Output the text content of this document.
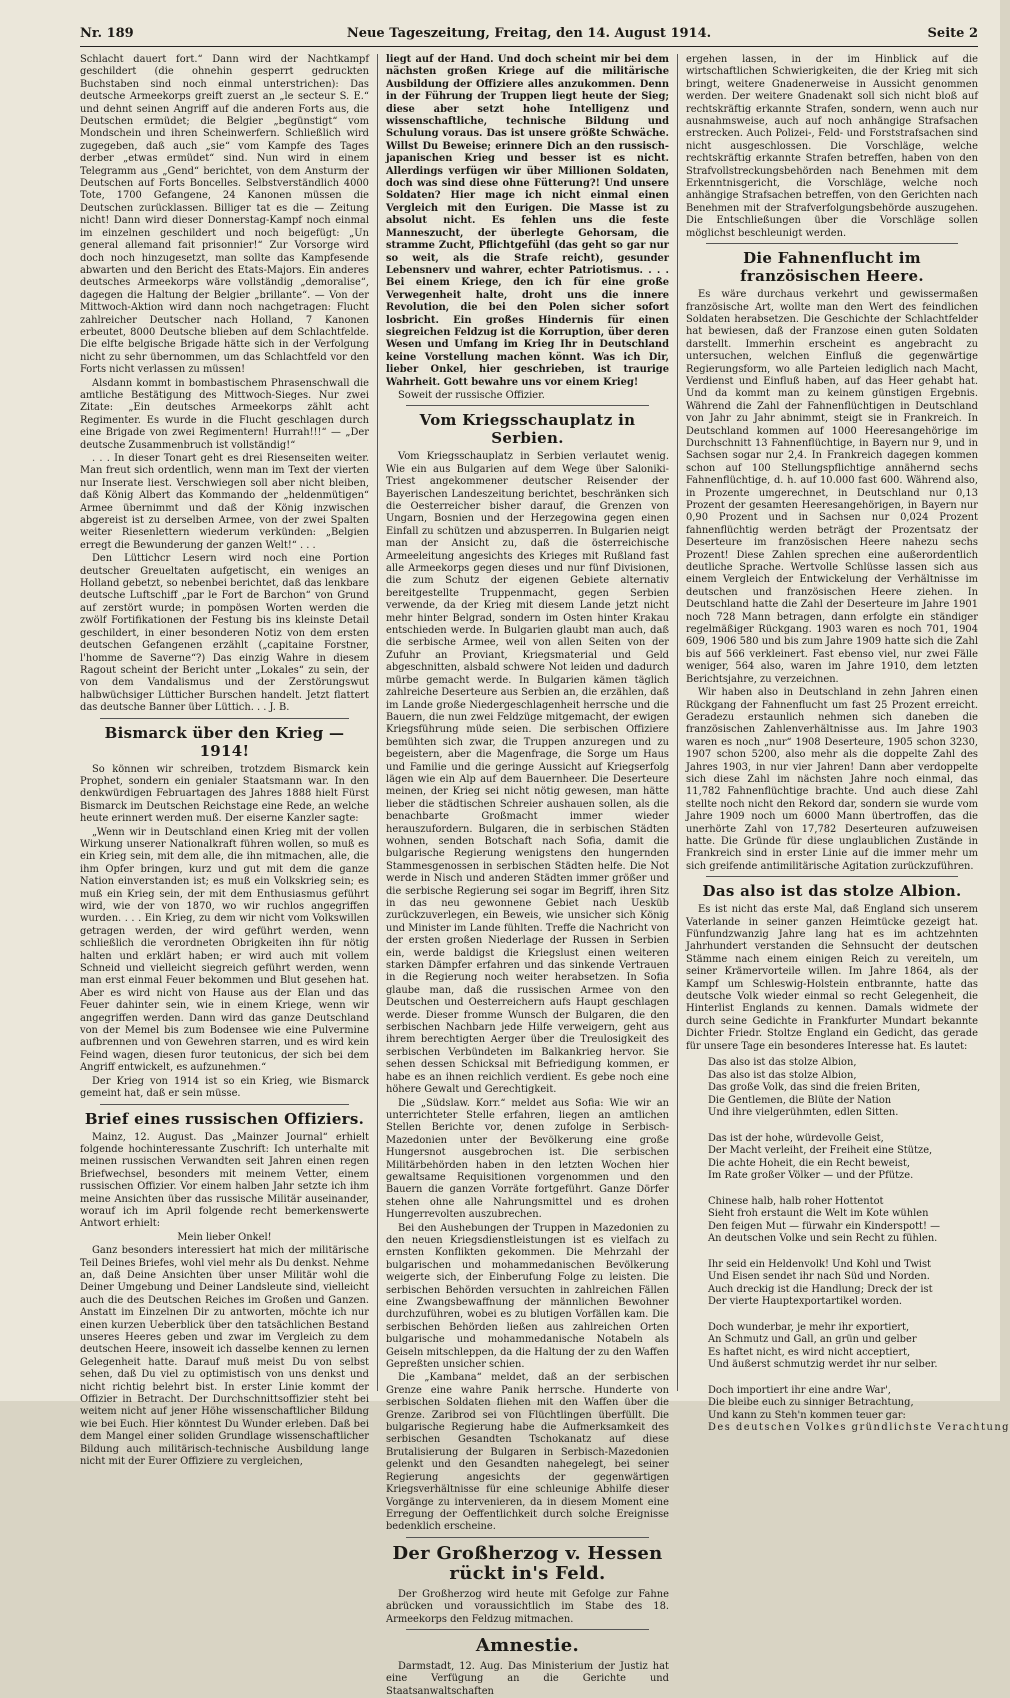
Nr. 189	Neue Tageszeitung, Freitag, den 14. August 1914.	Seite 2

Schlacht dauert fort.“ Dann wird der Nachtkampf geschildert (die ohnehin gesperrt gedruckten Buchstaben sind noch einmal unterstrichen): Das deutsche Armeekorps greift zuerst an „le secteur S. E.“ und dehnt seinen Angriff auf die anderen Forts aus, die Deutschen ermüdet; die Belgier „begünstigt“ vom Mondschein und ihren Scheinwerfern. Schließlich wird zugegeben, daß auch „sie“ vom Kampfe des Tages derber „etwas ermüdet“ sind. Nun wird in einem Telegramm aus „Gend“ berichtet, von dem Ansturm der Deutschen auf Forts Boncelles. Selbstverständlich 4000 Tote, 1700 Gefangene, 24 Kanonen müssen die Deutschen zurücklassen. Billiger tat es die — Zeitung nicht! Dann wird dieser Donnerstag-Kampf noch einmal im einzelnen geschildert und noch beigefügt: „Un general allemand fait prisonnier!“ Zur Vorsorge wird doch noch hinzugesetzt, man sollte das Kampfesende abwarten und den Bericht des Etats-Majors. Ein anderes deutsches Armeekorps wäre vollständig „demoralise“, dagegen die Haltung der Belgier „brillante“. — Von der Mittwoch-Aktion wird dann noch nachgetragen: Flucht zahlreicher Deutscher nach Holland, 7 Kanonen erbeutet, 8000 Deutsche blieben auf dem Schlachtfelde. Die elfte belgische Brigade hätte sich in der Verfolgung nicht zu sehr übernommen, um das Schlachtfeld vor den Forts nicht verlassen zu müssen!

Alsdann kommt in bombastischem Phrasenschwall die amtliche Bestätigung des Mittwoch-Sieges. Nur zwei Zitate: „Ein deutsches Armeekorps zählt acht Regimenter. Es wurde in die Flucht geschlagen durch eine Brigade von zwei Regimentern! Hurrah!!!“ — „Der deutsche Zusammenbruch ist vollständig!“

. . . In dieser Tonart geht es drei Riesenseiten weiter. Man freut sich ordentlich, wenn man im Text der vierten nur Inserate liest. Verschwiegen soll aber nicht bleiben, daß König Albert das Kommando der „heldenmütigen“ Armee übernimmt und daß der König inzwischen abgereist ist zu derselben Armee, von der zwei Spalten weiter Riesenlettern wiederum verkünden: „Belgien erregt die Bewunderung der ganzen Welt!“ . . .

Den Lüttichcr Lesern wird noch eine Portion deutscher Greueltaten aufgetischt, ein weniges an Holland gebetzt, so nebenbei berichtet, daß das lenkbare deutsche Luftschiff „par le Fort de Barchon“ von Grund auf zerstört wurde; in pompösen Worten werden die zwölf Fortifikationen der Festung bis ins kleinste Detail geschildert, in einer besonderen Notiz von dem ersten deutschen Gefangenen erzählt („capitaine Forstner, l'homme de Saverne“?) Das einzig Wahre in diesem Ragout scheint der Bericht unter „Lokales“ zu sein, der von dem Vandalismus und der Zerstörungswut halbwüchsiger Lütticher Burschen handelt. Jetzt flattert das deutsche Banner über Lüttich. . . J. B.

Bismarck über den Krieg — 1914!

So können wir schreiben, trotzdem Bismarck kein Prophet, sondern ein genialer Staatsmann war. In den denkwürdigen Februartagen des Jahres 1888 hielt Fürst Bismarck im Deutschen Reichstage eine Rede, an welche heute erinnert werden muß. Der eiserne Kanzler sagte:

„Wenn wir in Deutschland einen Krieg mit der vollen Wirkung unserer Nationalkraft führen wollen, so muß es ein Krieg sein, mit dem alle, die ihn mitmachen, alle, die ihm Opfer bringen, kurz und gut mit dem die ganze Nation einverstanden ist; es muß ein Volkskrieg sein; es muß ein Krieg sein, der mit dem Enthusiasmus geführt wird, wie der von 1870, wo wir ruchlos angegriffen wurden. . . . Ein Krieg, zu dem wir nicht vom Volkswillen getragen werden, der wird geführt werden, wenn schließlich die verordneten Obrigkeiten ihn für nötig halten und erklärt haben; er wird auch mit vollem Schneid und vielleicht siegreich geführt werden, wenn man erst einmal Feuer bekommen und Blut gesehen hat. Aber es wird nicht von Hause aus der Elan und das Feuer dahinter sein, wie in einem Kriege, wenn wir angegriffen werden. Dann wird das ganze Deutschland von der Memel bis zum Bodensee wie eine Pulvermine aufbrennen und von Gewehren starren, und es wird kein Feind wagen, diesen furor teutonicus, der sich bei dem Angriff entwickelt, es aufzunehmen.“

Der Krieg von 1914 ist so ein Krieg, wie Bismarck gemeint hat, daß er sein müsse.

Brief eines russischen Offiziers.

Mainz, 12. August. Das „Mainzer Journal“ erhielt folgende hochinteressante Zuschrift: Ich unterhalte mit meinen russischen Verwandten seit Jahren einen regen Briefwechsel, besonders mit meinem Vetter, einem russischen Offizier. Vor einem halben Jahr setzte ich ihm meine Ansichten über das russische Militär auseinander, worauf ich im April folgende recht bemerkenswerte Antwort erhielt:

Mein lieber Onkel!

Ganz besonders interessiert hat mich der militärische Teil Deines Briefes, wohl viel mehr als Du denkst. Nehme an, daß Deine Ansichten über unser Militär wohl die Deiner Umgebung und Deiner Landsleute sind, vielleicht auch die des Deutschen Reiches im Großen und Ganzen. Anstatt im Einzelnen Dir zu antworten, möchte ich nur einen kurzen Ueberblick über den tatsächlichen Bestand unseres Heeres geben und zwar im Vergleich zu dem deutschen Heere, insoweit ich dasselbe kennen zu lernen Gelegenheit hatte. Darauf muß meist Du von selbst sehen, daß Du viel zu optimistisch von uns denkst und nicht richtig belehrt bist. In erster Linie kommt der Offizier in Betracht. Der Durchschnittsoffizier steht bei weitem nicht auf jener Höhe wissenschaftlicher Bildung wie bei Euch. Hier könntest Du Wunder erleben. Daß bei dem Mangel einer soliden Grundlage wissenschaftlicher Bildung auch militärisch-technische Ausbildung lange nicht mit der Eurer Offiziere zu vergleichen,

liegt auf der Hand. Und doch scheint mir bei dem nächsten großen Kriege auf die militärische Ausbildung der Offiziere alles anzukommen. Denn in der Führung der Truppen liegt heute der Sieg; diese aber setzt hohe Intelligenz und wissenschaftliche, technische Bildung und Schulung voraus. Das ist unsere größte Schwäche. Willst Du Beweise; erinnere Dich an den russisch-japanischen Krieg und besser ist es nicht. Allerdings verfügen wir über Millionen Soldaten, doch was sind diese ohne Fütterung?! Und unsere Soldaten? Hier mage ich nicht einmal einen Vergleich mit den Eurigen. Die Masse ist zu absolut nicht. Es fehlen uns die feste Manneszucht, der überlegte Gehorsam, die stramme Zucht, Pflichtgefühl (das geht so gar nur so weit, als die Strafe reicht), gesunder Lebensnerv und wahrer, echter Patriotismus. . . . Bei einem Kriege, den ich für eine große Verwegenheit halte, droht uns die innere Revolution, die bei den Polen sicher sofort losbricht. Ein großes Hindernis für einen siegreichen Feldzug ist die Korruption, über deren Wesen und Umfang im Krieg Ihr in Deutschland keine Vorstellung machen könnt. Was ich Dir, lieber Onkel, hier geschrieben, ist traurige Wahrheit. Gott bewahre uns vor einem Krieg!

Soweit der russische Offizier.

Vom Kriegsschauplatz in Serbien.

Vom Kriegsschauplatz in Serbien verlautet wenig. Wie ein aus Bulgarien auf dem Wege über Saloniki-Triest angekommener deutscher Reisender der Bayerischen Landeszeitung berichtet, beschränken sich die Oesterreicher bisher darauf, die Grenzen von Ungarn, Bosnien und der Herzegowina gegen einen Einfall zu schützen und abzusperren. In Bulgarien neigt man der Ansicht zu, daß die österreichische Armeeleitung angesichts des Krieges mit Rußland fast alle Armeekorps gegen dieses und nur fünf Divisionen, die zum Schutz der eigenen Gebiete alternativ bereitgestellte Truppenmacht, gegen Serbien verwende, da der Krieg mit diesem Lande jetzt nicht mehr hinter Belgrad, sondern im Osten hinter Krakau entschieden werde. In Bulgarien glaubt man auch, daß die serbische Armee, weil von allen Seiten von der Zufuhr an Proviant, Kriegsmaterial und Geld abgeschnitten, alsbald schwere Not leiden und dadurch mürbe gemacht werde. In Bulgarien kämen täglich zahlreiche Deserteure aus Serbien an, die erzählen, daß im Lande große Niedergeschlagenheit herrsche und die Bauern, die nun zwei Feldzüge mitgemacht, der ewigen Kriegsführung müde seien. Die serbischen Offiziere bemühten sich zwar, die Truppen anzuregen und zu begeistern, aber die Magenfrage, die Sorge um Haus und Familie und die geringe Aussicht auf Kriegserfolg lägen wie ein Alp auf dem Bauernheer. Die Deserteure meinen, der Krieg sei nicht nötig gewesen, man hätte lieber die städtischen Schreier aushauen sollen, als die benachbarte Großmacht immer wieder herauszufordern. Bulgaren, die in serbischen Städten wohnen, senden Botschaft nach Sofia, damit die bulgarische Regierung wenigstens den hungernden Stammesgenossen in serbischen Städten helfe. Die Not werde in Nisch und anderen Städten immer größer und die serbische Regierung sei sogar im Begriff, ihren Sitz in das neu gewonnene Gebiet nach Uesküb zurückzuverlegen, ein Beweis, wie unsicher sich König und Minister im Lande fühlten. Treffe die Nachricht von der ersten großen Niederlage der Russen in Serbien ein, werde baldigst die Kriegslust einen weiteren starken Dämpfer erfahren und das sinkende Vertrauen in die Regierung noch weiter herabsetzen. In Sofia glaube man, daß die russischen Armee von den Deutschen und Oesterreichern aufs Haupt geschlagen werde. Dieser fromme Wunsch der Bulgaren, die den serbischen Nachbarn jede Hilfe verweigern, geht aus ihrem berechtigten Aerger über die Treulosigkeit des serbischen Verbündeten im Balkankrieg hervor. Sie sehen dessen Schicksal mit Befriedigung kommen, er habe es an ihnen reichlich verdient. Es gebe noch eine höhere Gewalt und Gerechtigkeit.

Die „Südslaw. Korr.“ meldet aus Sofia: Wie wir an unterrichteter Stelle erfahren, liegen an amtlichen Stellen Berichte vor, denen zufolge in Serbisch-Mazedonien unter der Bevölkerung eine große Hungersnot ausgebrochen ist. Die serbischen Militärbehörden haben in den letzten Wochen hier gewaltsame Requisitionen vorgenommen und den Bauern die ganzen Vorräte fortgeführt. Ganze Dörfer stehen ohne alle Nahrungsmittel und es drohen Hungerrevolten auszubrechen.

Bei den Aushebungen der Truppen in Mazedonien zu den neuen Kriegsdienstleistungen ist es vielfach zu ernsten Konflikten gekommen. Die Mehrzahl der bulgarischen und mohammedanischen Bevölkerung weigerte sich, der Einberufung Folge zu leisten. Die serbischen Behörden versuchten in zahlreichen Fällen eine Zwangsbewaffnung der männlichen Bewohner durchzuführen, wobei es zu blutigen Vorfällen kam. Die serbischen Behörden ließen aus zahlreichen Orten bulgarische und mohammedanische Notabeln als Geiseln mitschleppen, da die Haltung der zu den Waffen Gepreßten unsicher schien.

Die „Kambana“ meldet, daß an der serbischen Grenze eine wahre Panik herrsche. Hunderte von serbischen Soldaten fliehen mit den Waffen über die Grenze. Zaribrod sei von Flüchtlingen überfüllt. Die bulgarische Regierung habe die Aufmerksamkeit des serbischen Gesandten Tschokanatz auf diese Brutalisierung der Bulgaren in Serbisch-Mazedonien gelenkt und den Gesandten nahegelegt, bei seiner Regierung angesichts der gegenwärtigen Kriegsverhältnisse für eine schleunige Abhilfe dieser Vorgänge zu intervenieren, da in diesem Moment eine Erregung der Oeffentlichkeit durch solche Ereignisse bedenklich erscheine.

Der Großherzog v. Hessen rückt in's Feld.

Der Großherzog wird heute mit Gefolge zur Fahne abrücken und voraussichtlich im Stabe des 18. Armeekorps den Feldzug mitmachen.

Amnestie.

Darmstadt, 12. Aug. Das Ministerium der Justiz hat eine Verfügung an die Gerichte und Staatsanwaltschaften

ergehen lassen, in der im Hinblick auf die wirtschaftlichen Schwierigkeiten, die der Krieg mit sich bringt, weitere Gnadenerweise in Aussicht genommen werden. Der weitere Gnadenakt soll sich nicht bloß auf rechtskräftig erkannte Strafen, sondern, wenn auch nur ausnahmsweise, auch auf noch anhängige Strafsachen erstrecken. Auch Polizei-, Feld- und Forststrafsachen sind nicht ausgeschlossen. Die Vorschläge, welche rechtskräftig erkannte Strafen betreffen, haben von den Strafvollstreckungsbehörden nach Benehmen mit dem Erkenntnisgericht, die Vorschläge, welche noch anhängige Strafsachen betreffen, von den Gerichten nach Benehmen mit der Strafverfolgungsbehörde auszugehen. Die Entschließungen über die Vorschläge sollen möglichst beschleunigt werden.

Die Fahnenflucht im französischen Heere.

Es wäre durchaus verkehrt und gewissermaßen französische Art, wollte man den Wert des feindlichen Soldaten herabsetzen. Die Geschichte der Schlachtfelder hat bewiesen, daß der Franzose einen guten Soldaten darstellt. Immerhin erscheint es angebracht zu untersuchen, welchen Einfluß die gegenwärtige Regierungsform, wo alle Parteien lediglich nach Macht, Verdienst und Einfluß haben, auf das Heer gehabt hat. Und da kommt man zu keinem günstigen Ergebnis. Während die Zahl der Fahnenflüchtigen in Deutschland von Jahr zu Jahr abnimmt, steigt sie in Frankreich. In Deutschland kommen auf 1000 Heeresangehörige im Durchschnitt 13 Fahnenflüchtige, in Bayern nur 9, und in Sachsen sogar nur 2,4. In Frankreich dagegen kommen schon auf 100 Stellungspflichtige annähernd sechs Fahnenflüchtige, d. h. auf 10.000 fast 600. Während also, in Prozente umgerechnet, in Deutschland nur 0,13 Prozent der gesamten Heeresangehörigen, in Bayern nur 0,90 Prozent und in Sachsen nur 0,024 Prozent fahnenflüchtig werden beträgt der Prozentsatz der Deserteure im französischen Heere nahezu sechs Prozent! Diese Zahlen sprechen eine außerordentlich deutliche Sprache. Wertvolle Schlüsse lassen sich aus einem Vergleich der Entwickelung der Verhältnisse im deutschen und französischen Heere ziehen. In Deutschland hatte die Zahl der Deserteure im Jahre 1901 noch 728 Mann betragen, dann erfolgte ein ständiger regelmäßiger Rückgang. 1903 waren es noch 701, 1904 609, 1906 580 und bis zum Jahre 1909 hatte sich die Zahl bis auf 566 verkleinert. Fast ebenso viel, nur zwei Fälle weniger, 564 also, waren im Jahre 1910, dem letzten Berichtsjahre, zu verzeichnen.

Wir haben also in Deutschland in zehn Jahren einen Rückgang der Fahnenflucht um fast 25 Prozent erreicht. Geradezu erstaunlich nehmen sich daneben die französischen Zahlenverhältnisse aus. Im Jahre 1903 waren es noch „nur“ 1908 Deserteure, 1905 schon 3230, 1907 schon 5200, also mehr als die doppelte Zahl des Jahres 1903, in nur vier Jahren! Dann aber verdoppelte sich diese Zahl im nächsten Jahre noch einmal, das 11,782 Fahnenflüchtige brachte. Und auch diese Zahl stellte noch nicht den Rekord dar, sondern sie wurde vom Jahre 1909 noch um 6000 Mann übertroffen, das die unerhörte Zahl von 17,782 Deserteuren aufzuweisen hatte. Die Gründe für diese unglaublichen Zustände in Frankreich sind in erster Linie auf die immer mehr um sich greifende antimilitärische Agitation zurückzuführen.

Das also ist das stolze Albion.

Es ist nicht das erste Mal, daß England sich unserem Vaterlande in seiner ganzen Heimtücke gezeigt hat. Fünfundzwanzig Jahre lang hat es im achtzehnten Jahrhundert verstanden die Sehnsucht der deutschen Stämme nach einem einigen Reich zu vereiteln, um seiner Krämervorteile willen. Im Jahre 1864, als der Kampf um Schleswig-Holstein entbrannte, hatte das deutsche Volk wieder einmal so recht Gelegenheit, die Hinterlist Englands zu kennen. Damals widmete der durch seine Gedichte in Frankfurter Mundart bekannte Dichter Friedr. Stoltze England ein Gedicht, das gerade für unsere Tage ein besonderes Interesse hat. Es lautet:

Das also ist das stolze Albion,
Das also ist das stolze Albion,
Das große Volk, das sind die freien Briten,
Die Gentlemen, die Blüte der Nation
Und ihre vielgerühmten, edlen Sitten.

Das ist der hohe, würdevolle Geist,
Der Macht verleiht, der Freiheit eine Stütze,
Die achte Hoheit, die ein Recht beweist,
Im Rate großer Völker — und der Pfütze.

Chinese halb, halb roher Hottentot
Sieht froh erstaunt die Welt im Kote wühlen
Den feigen Mut — fürwahr ein Kinderspott! —
An deutschen Volke und sein Recht zu fühlen.

Ihr seid ein Heldenvolk! Und Kohl und Twist
Und Eisen sendet ihr nach Süd und Norden.
Auch dreckig ist die Handlung; Dreck der ist
Der vierte Hauptexportartikel worden.

Doch wunderbar, je mehr ihr exportiert,
An Schmutz und Gall, an grün und gelber
Es haftet nicht, es wird nicht acceptiert,
Und äußerst schmutzig werdet ihr nur selber.

Doch importiert ihr eine andre War',
Die bleibe euch zu sinniger Betrachtung,
Und kann zu Steh'n kommen teuer gar:
Des deutschen Volkes gründlichste Verachtung
